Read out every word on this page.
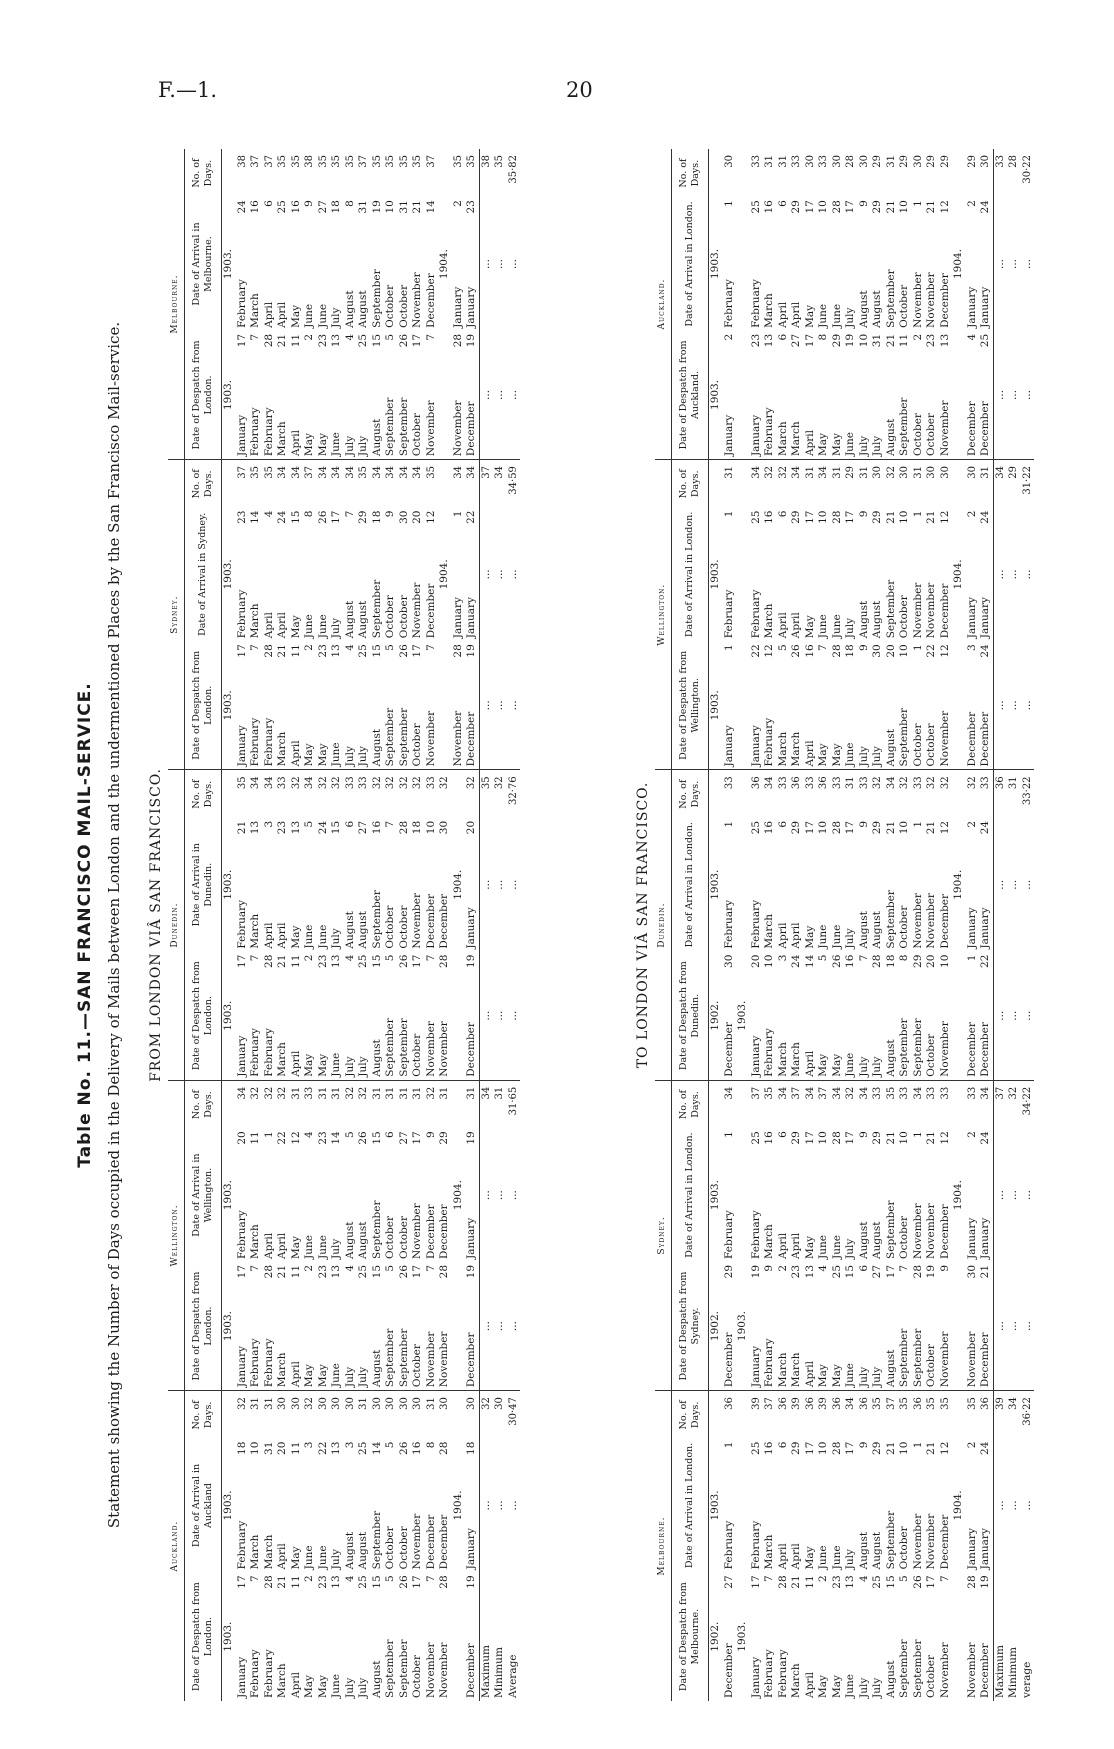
F.—1.	20
Table No. 11.—SAN FRANCISCO MAIL-SERVICE. Statement showing the Number of Days occupied in the Delivery of Mails between London and the undermentioned Places by the San Francisco Mail-service. FROM LONDON VIÂ SAN FRANCISCO.
Auckland.					Wellington.					Dunedin.					Sydney.					Melbourne.				
Date of Despatch from London.		Date of Arrival in Auckland		No. of Days.	Date of Despatch from London.		Date of Arrival in Wellington.		No. of Days.	Date of Despatch from London.		Date of Arrival in Dunedin.		No. of Days.	Date of Despatch from London.		Date of Arrival in Sydney.		No. of Days.	Date of Despatch from London.		Date of Arrival in Melbourne.		No. of Days.
1903.		1903.			1903.		1903.			1903.		1903.			1903.		1903.			1903.		1903.		
January	17	February	18	32	January	17	February	20	34	January	17	February	21	35	January	17	February	23	37	January	17	February	24	38
February	7	March	10	31	February	7	March	11	32	February	7	March	13	34	February	7	March	14	35	February	7	March	16	37
February	28	March	31	31	February	28	April	1	32	February	28	April	3	34	February	28	April	4	35	February	28	April	6	37
March	21	April	20	30	March	21	April	22	32	March	21	April	23	33	March	21	April	24	34	March	21	April	25	35
April	11	May	11	30	April	11	May	12	31	April	11	May	13	32	April	11	May	15	34	April	11	May	16	35
May	2	June	3	32	May	2	June	4	33	May	2	June	5	34	May	2	June	8	37	May	2	June	9	38
May	23	June	22	30	May	23	June	23	31	May	23	June	24	32	May	23	June	26	34	May	23	June	27	35
June	13	July	13	30	June	13	July	14	31	June	13	July	15	32	June	13	July	17	34	June	13	July	18	35
July	4	August	3	30	July	4	August	5	32	July	4	August	6	33	July	4	August	7	34	July	4	August	8	35
July	25	August	25	31	July	25	August	26	32	July	25	August	27	33	July	25	August	29	35	July	25	August	31	37
August	15	September	14	30	August	15	September	15	31	August	15	September	16	32	August	15	September	18	34	August	15	September	19	35
September	5	October	5	30	September	5	October	6	31	September	5	October	7	32	September	5	October	9	34	September	5	October	10	35
September	26	October	26	30	September	26	October	27	31	September	26	October	28	32	September	26	October	30	34	September	26	October	31	35
October	17	November	16	30	October	17	November	17	31	October	17	November	18	32	October	17	November	20	34	October	17	November	21	35
November	7	December	8	31	November	7	December	9	32	November	7	December	10	33	November	7	December	12	35	November	7	December	14	37
November	28	December	28	30	November	28	December	29	31	November	28	December	30	32			1904.					1904.		
		1904.					1904.					1904.			November	28	January	1	34	November	28	January	2	35
December	19	January	18	30	December	19	January	19	31	December	19	January	20	32	December	19	January	22	34	December	19	January	23	35
Maximum		...		32	...		...		34	...		...		35	...		...		37	...		...		38
Minimum		...		30	...		...		31	...		...		32	...		...		34	...		...		35
Average		...		30·47	...		...		31·65	...		...		32·76	...		...		34·59	...		...		35·82
TO LONDON VIÂ SAN FRANCISCO.
Melbourne.					Sydney.					Dunedin.					Wellington.					Auckland.				
Date of Despatch from Melbourne.		Date of Arrival in London.		No. of Days.	Date of Despatch from Sydney.		Date of Arrival in London.		No. of Days.	Date of Despatch from Dunedin.		Date of Arrival in London.		No. of Days.	Date of Despatch from Wellington.		Date of Arrival in London.		No. of Days.	Date of Despatch from Auckland.		Date of Arrival in London.		No. of Days.
1902.		1903.			1902.		1903.			1902.		1903.			1903.		1903.			1903.		1903.		
December	27	February	1	36	December	29	February	1	34	December	30	February	1	33	January	1	February	1	31	January	2	February	1	30
1903.					1903.					1903.														
January	17	February	25	39	January	19	February	25	37	January	20	February	25	36	January	22	February	25	34	January	23	February	25	33
February	7	March	16	37	February	9	March	16	35	February	10	March	16	34	February	12	March	16	32	February	13	March	16	31
February	28	April	6	36	March	2	April	6	34	March	3	April	6	33	March	5	April	6	32	March	6	April	6	31
March	21	April	29	39	March	23	April	29	37	March	24	April	29	36	March	26	April	29	34	March	27	April	29	33
April	11	May	17	36	April	13	May	17	34	April	14	May	17	33	April	16	May	17	31	April	17	May	17	30
May	2	June	10	39	May	4	June	10	37	May	5	June	10	36	May	7	June	10	34	May	8	June	10	33
May	23	June	28	36	May	25	June	28	34	May	26	June	28	33	May	28	June	28	31	May	29	June	28	30
June	13	July	17	34	June	15	July	17	32	June	16	July	17	31	June	18	July	17	29	June	19	July	17	28
July	4	August	9	36	July	6	August	9	34	July	7	August	9	33	July	9	August	9	31	July	10	August	9	30
July	25	August	29	35	July	27	August	29	33	July	28	August	29	32	July	30	August	29	30	July	31	August	29	29
August	15	September	21	37	August	17	September	21	35	August	18	September	21	34	August	20	September	21	32	August	21	September	21	31
September	5	October	10	35	September	7	October	10	33	September	8	October	10	32	September	10	October	10	30	September	11	October	10	29
September	26	November	1	36	September	28	November	1	34	September	29	November	1	33	October	1	November	1	31	October	2	November	1	30
October	17	November	21	35	October	19	November	21	33	October	20	November	21	32	October	22	November	21	30	October	23	November	21	29
November	7	December	12	35	November	9	December	12	33	November	10	December	12	32	November	12	December	12	30	November	13	December	12	29
		1904.					1904.					1904.					1904.					1904.		
November	28	January	2	35	November	30	January	2	33	December	1	January	2	32	December	3	January	2	30	December	4	January	2	29
December	19	January	24	36	December	21	January	24	34	December	22	January	24	33	December	24	January	24	31	December	25	January	24	30
Maximum		...		39	...		...		37	...		...		36	...		...		34	...		...		33
Minimum		...		34	...		...		32	...		...		31	...		...		29	...		...		28
verage		...		36·22	...		...		34·22	...		...		33·22	...		...		31·22	...		...		30·22
